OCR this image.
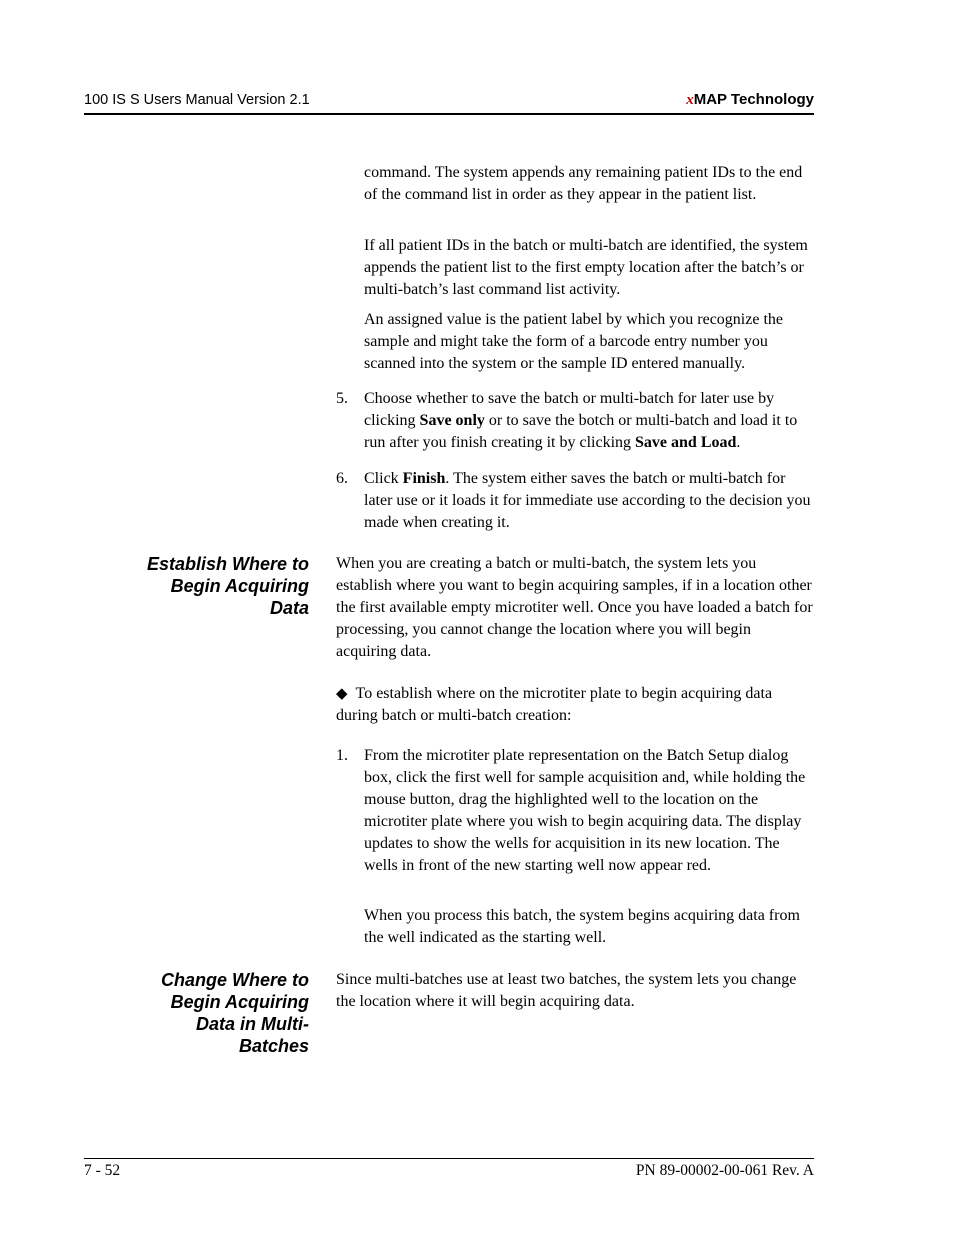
100 IS S Users Manual Version 2.1	xMAP Technology
command. The system appends any remaining patient IDs to the end of the command list in order as they appear in the patient list.
If all patient IDs in the batch or multi-batch are identified, the system appends the patient list to the first empty location after the batch’s or multi-batch’s last command list activity.
An assigned value is the patient label by which you recognize the sample and might take the form of a barcode entry number you scanned into the system or the sample ID entered manually.
5.	Choose whether to save the batch or multi-batch for later use by clicking Save only or to save the botch or multi-batch and load it to run after you finish creating it by clicking Save and Load.
6.	Click Finish. The system either saves the batch or multi-batch for later use or it loads it for immediate use according to the decision you made when creating it.
Establish Where to
Begin Acquiring
Data
When you are creating a batch or multi-batch, the system lets you establish where you want to begin acquiring samples, if in a location other the first available empty microtiter well. Once you have loaded a batch for processing, you cannot change the location where you will begin acquiring data.
◆ To establish where on the microtiter plate to begin acquiring data during batch or multi-batch creation:
1.	From the microtiter plate representation on the Batch Setup dialog box, click the first well for sample acquisition and, while holding the mouse button, drag the highlighted well to the location on the microtiter plate where you wish to begin acquiring data. The display updates to show the wells for acquisition in its new location. The wells in front of the new starting well now appear red.
When you process this batch, the system begins acquiring data from the well indicated as the starting well.
Change Where to
Begin Acquiring
Data in Multi-
Batches
Since multi-batches use at least two batches, the system lets you change the location where it will begin acquiring data.
7 - 52	PN 89-00002-00-061 Rev. A
